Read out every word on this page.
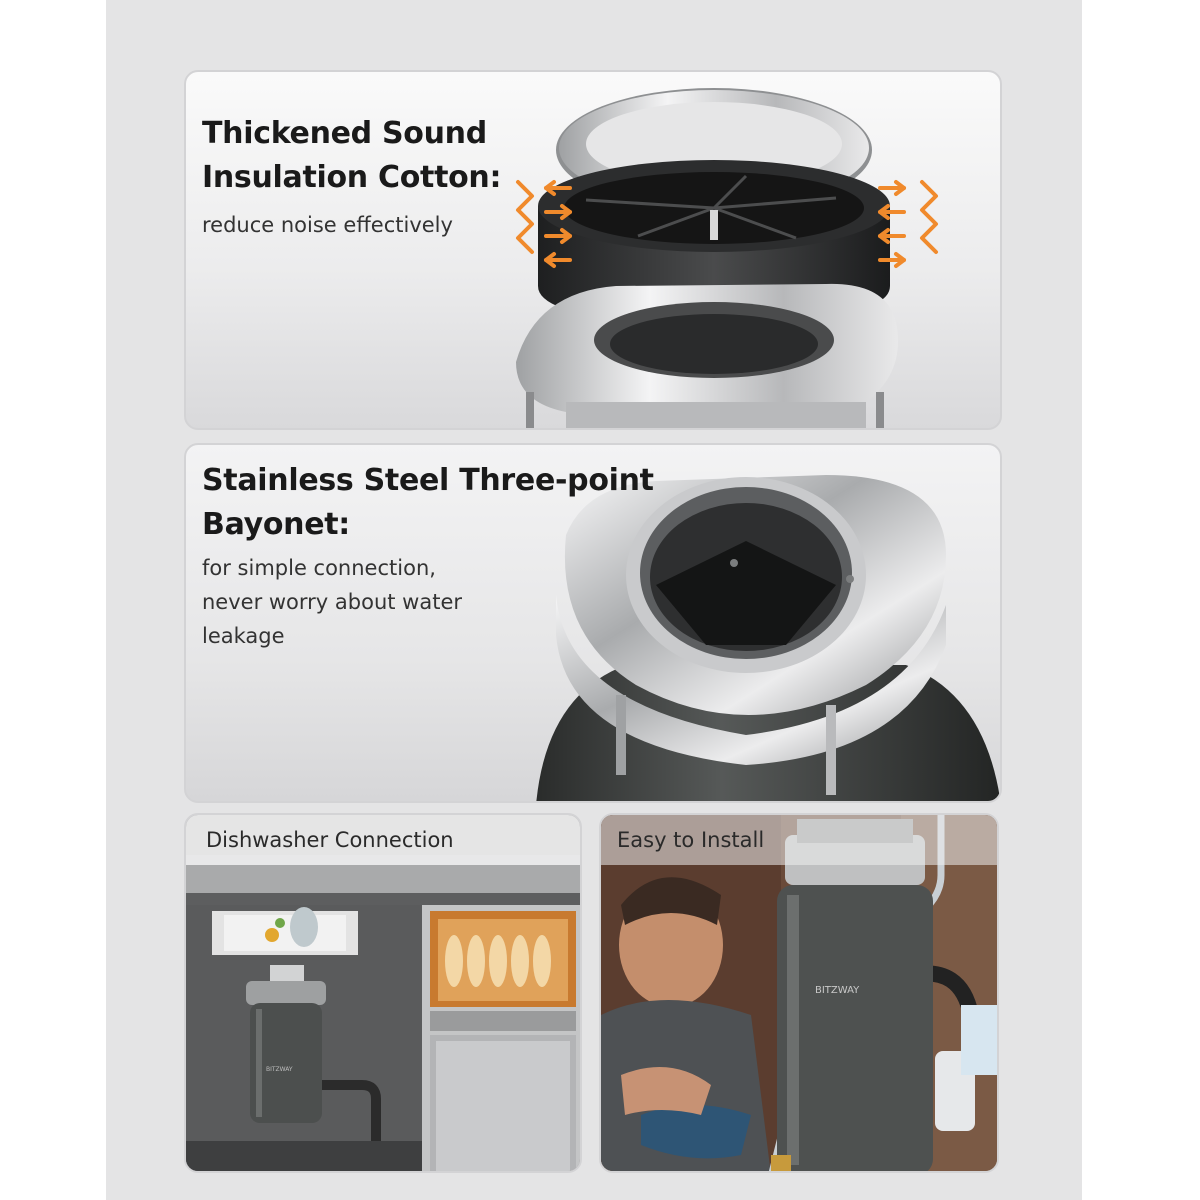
Thickened Sound Insulation Cotton:
reduce noise effectively
Stainless Steel Three-point Bayonet:
for simple connection, never worry about water leakage
Dishwasher Connection
BITZWAY
BITZWAY
Easy to Install
